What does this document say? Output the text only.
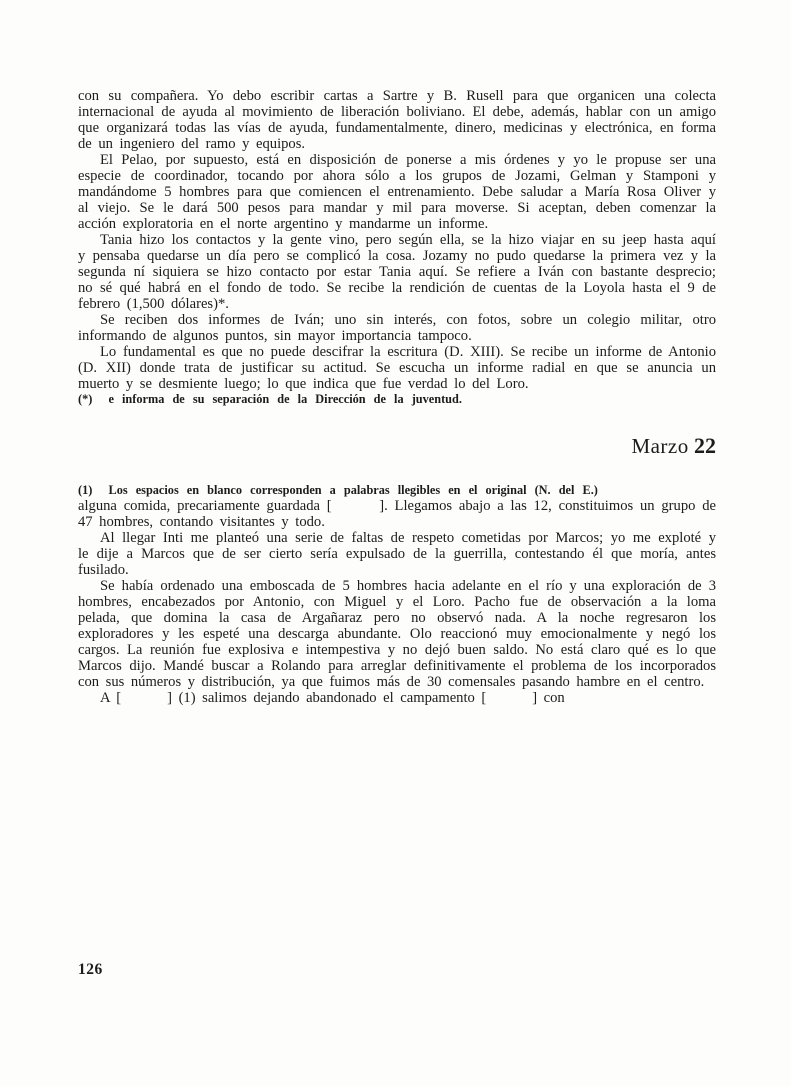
con su compañera. Yo debo escribir cartas a Sartre y B. Rusell para que organicen una colecta internacional de ayuda al movimiento de liberación boliviano. El debe, además, hablar con un amigo que organizará todas las vías de ayuda, fundamentalmente, dinero, medicinas y electrónica, en forma de un ingeniero del ramo y equipos.

El Pelao, por supuesto, está en disposición de ponerse a mis órdenes y yo le propuse ser una especie de coordinador, tocando por ahora sólo a los grupos de Jozami, Gelman y Stamponi y mandándome 5 hombres para que comiencen el entrenamiento. Debe saludar a María Rosa Oliver y al viejo. Se le dará 500 pesos para mandar y mil para moverse. Si aceptan, deben comenzar la acción exploratoria en el norte argentino y mandarme un informe.

Tania hizo los contactos y la gente vino, pero según ella, se la hizo viajar en su jeep hasta aquí y pensaba quedarse un día pero se complicó la cosa. Jozamy no pudo quedarse la primera vez y la segunda ní siquiera se hizo contacto por estar Tania aquí. Se refiere a Iván con bastante desprecio; no sé qué habrá en el fondo de todo. Se recibe la rendición de cuentas de la Loyola hasta el 9 de febrero (1,500 dólares)*.

Se reciben dos informes de Iván; uno sin interés, con fotos, sobre un colegio militar, otro informando de algunos puntos, sin mayor importancia tampoco.

Lo fundamental es que no puede descifrar la escritura (D. XIII). Se recibe un informe de Antonio (D. XII) donde trata de justificar su actitud. Se escucha un informe radial en que se anuncia un muerto y se desmiente luego; lo que indica que fue verdad lo del Loro.

(*)  e informa de su separación de la Dirección de la juventud.

Marzo 22

(1)  Los espacios en blanco corresponden a palabras llegibles en el original (N. del E.)

alguna comida, precariamente guardada [       ]. Llegamos abajo a las 12, constituimos un grupo de 47 hombres, contando visitantes y todo.

Al llegar Inti me planteó una serie de faltas de respeto cometidas por Marcos; yo me exploté y le dije a Marcos que de ser cierto sería expulsado de la guerrilla, contestando él que moría, antes fusilado.

Se había ordenado una emboscada de 5 hombres hacia adelante en el río y una exploración de 3 hombres, encabezados por Antonio, con Miguel y el Loro. Pacho fue de observación a la loma pelada, que domina la casa de Argañaraz pero no observó nada. A la noche regresaron los exploradores y les espeté una descarga abundante. Olo reaccionó muy emocionalmente y negó los cargos. La reunión fue explosiva e intempestiva y no dejó buen saldo. No está claro qué es lo que Marcos dijo. Mandé buscar a Rolando para arreglar definitivamente el problema de los incorporados con sus números y distribución, ya que fuimos más de 30 comensales pasando hambre en el centro.

A [       ] (1) salimos dejando abandonado el campamento [       ] con

126
